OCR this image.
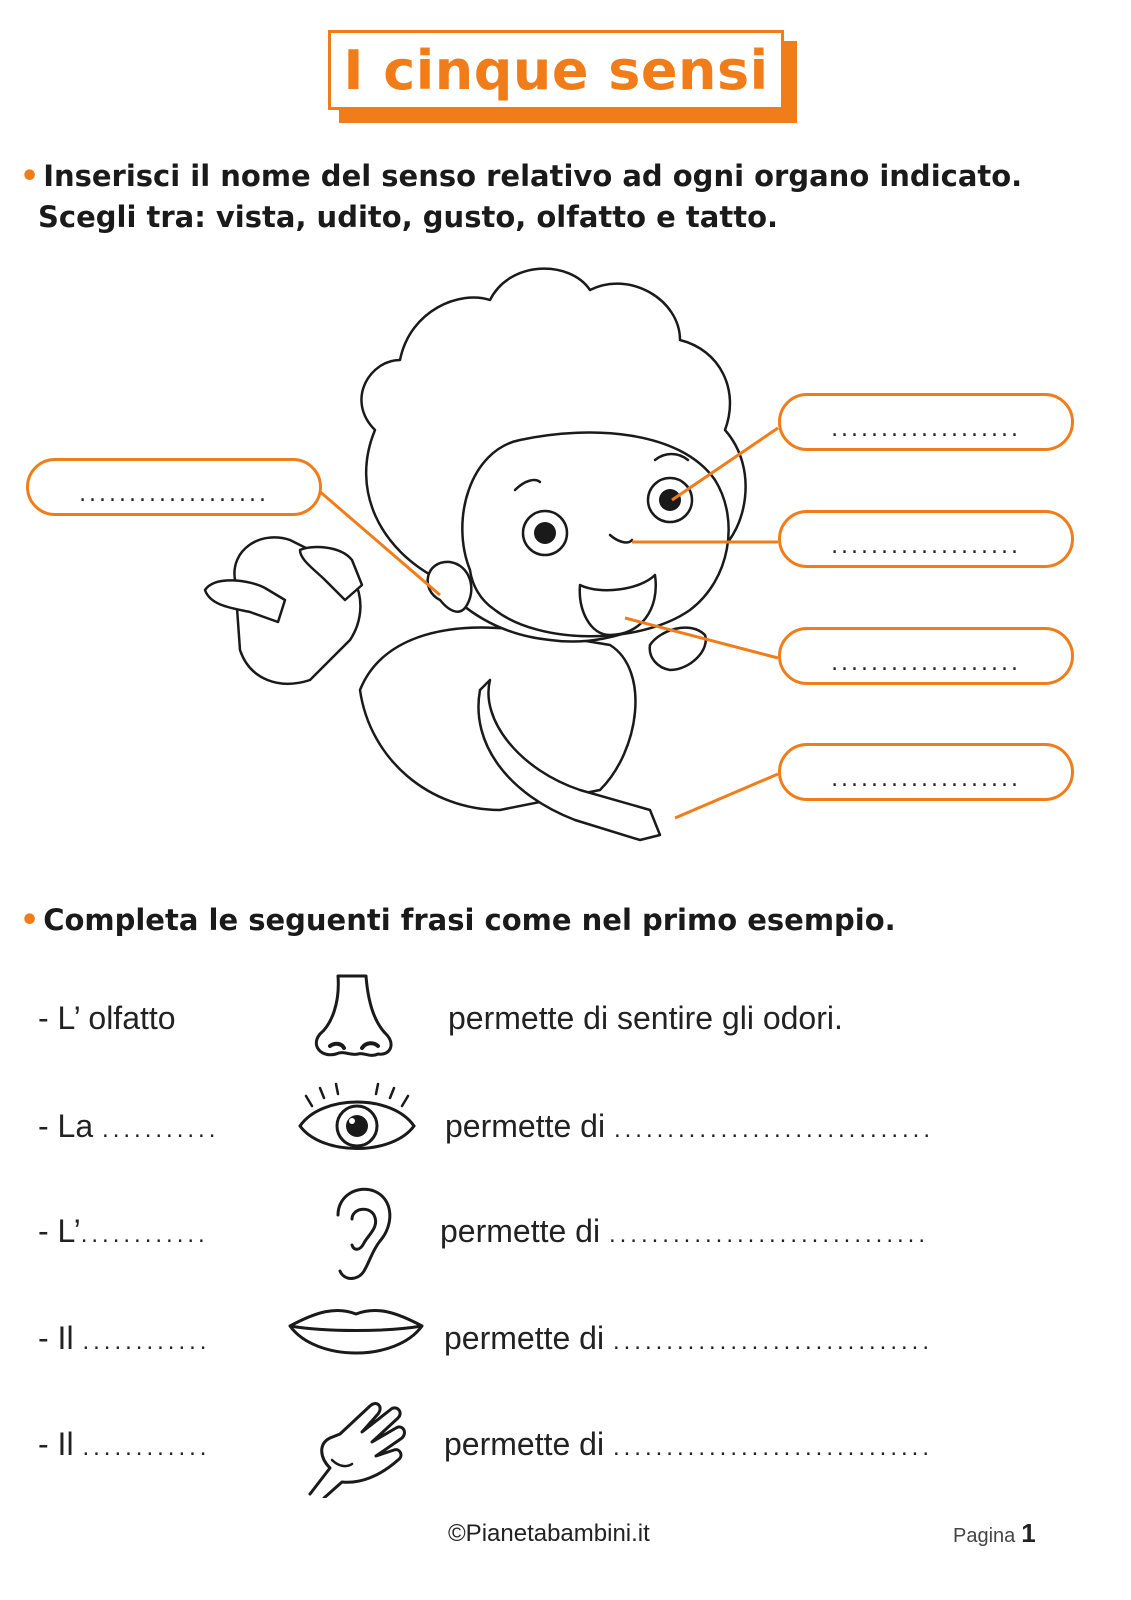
I cinque sensi
• Inserisci il nome del senso relativo ad ogni organo indicato.
Scegli tra: vista, udito, gusto, olfatto e tatto.
...................
...................
...................
...................
...................
• Completa le seguenti frasi come nel primo esempio.
- L’ olfatto	permette di sentire gli odori.
- La ...........	permette di ..............................
- L’............	permette di ..............................
- Il ............	permette di ..............................
- Il ............	permette di ..............................
©Pianetabambini.it	Pagina 1
